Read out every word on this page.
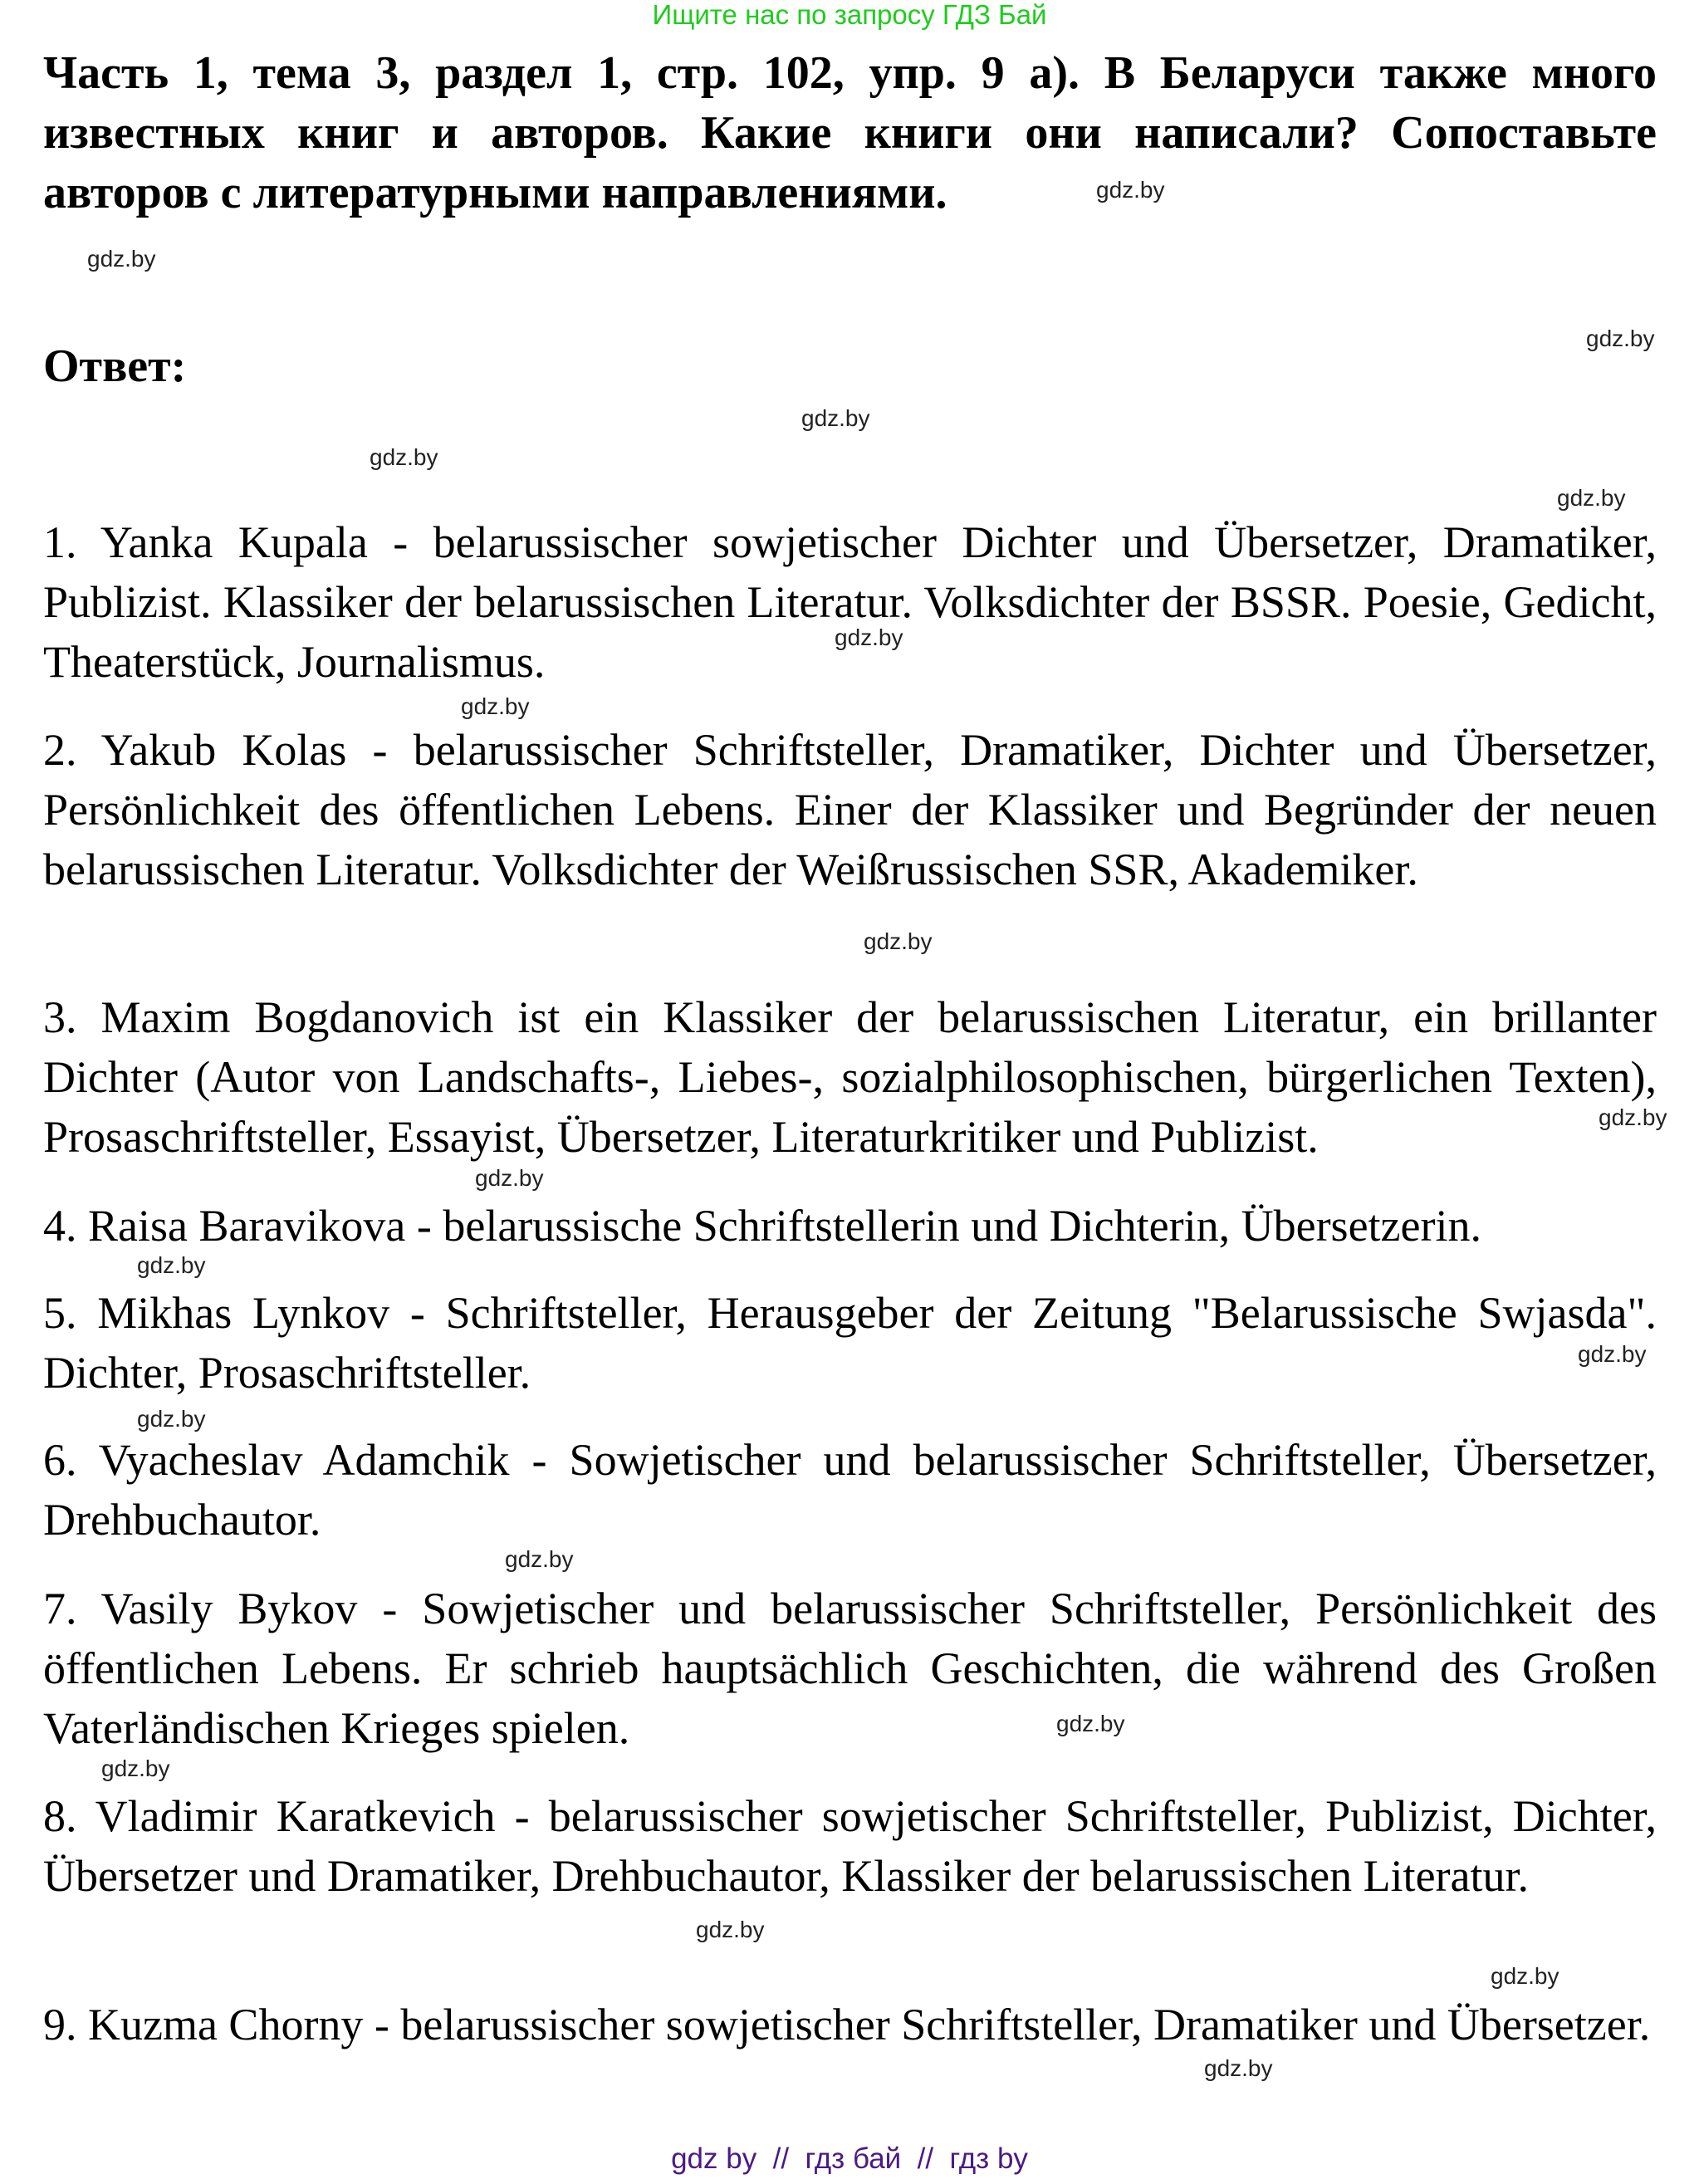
Ищите нас по запросу ГДЗ Бай
Часть 1, тема 3, раздел 1, стр. 102, упр. 9 а). В Беларуси также много известных книг и авторов. Какие книги они написали? Сопоставьте авторов с литературными направлениями.
Ответ:
1. Yanka Kupala - belarussischer sowjetischer Dichter und Übersetzer, Dramatiker, Publizist. Klassiker der belarussischen Literatur. Volksdichter der BSSR. Poesie, Gedicht, Theaterstück, Journalismus.
2. Yakub Kolas - belarussischer Schriftsteller, Dramatiker, Dichter und Übersetzer, Persönlichkeit des öffentlichen Lebens. Einer der Klassiker und Begründer der neuen belarussischen Literatur. Volksdichter der Weißrussischen SSR, Akademiker.
3. Maxim Bogdanovich ist ein Klassiker der belarussischen Literatur, ein brillanter Dichter (Autor von Landschafts-, Liebes-, sozialphilosophischen, bürgerlichen Texten), Prosaschriftsteller, Essayist, Übersetzer, Literaturkritiker und Publizist.
4. Raisa Baravikova - belarussische Schriftstellerin und Dichterin, Übersetzerin.
5. Mikhas Lynkov - Schriftsteller, Herausgeber der Zeitung "Belarussische Swjasda". Dichter, Prosaschriftsteller.
6. Vyacheslav Adamchik - Sowjetischer und belarussischer Schriftsteller, Übersetzer, Drehbuchautor.
7. Vasily Bykov - Sowjetischer und belarussischer Schriftsteller, Persönlichkeit des öffentlichen Lebens. Er schrieb hauptsächlich Geschichten, die während des Großen Vaterländischen Krieges spielen.
8. Vladimir Karatkevich - belarussischer sowjetischer Schriftsteller, Publizist, Dichter, Übersetzer und Dramatiker, Drehbuchautor, Klassiker der belarussischen Literatur.
9. Kuzma Chorny - belarussischer sowjetischer Schriftsteller, Dramatiker und Übersetzer.
gdz.by
gdz.by
gdz.by
gdz.by
gdz.by
gdz.by
gdz.by
gdz.by
gdz.by
gdz.by
gdz.by
gdz.by
gdz.by
gdz.by
gdz.by
gdz.by
gdz.by
gdz.by
gdz.by
gdz.by
gdz by  //  гдз бай  //  гдз by
